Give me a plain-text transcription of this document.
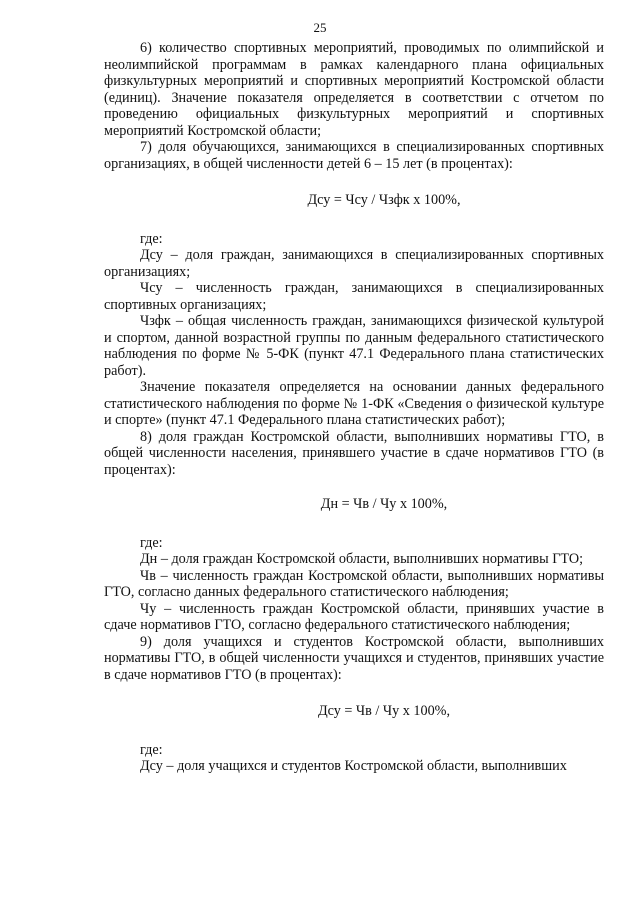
25

6) количество спортивных мероприятий, проводимых по олимпийской и неолимпийской программам в рамках календарного плана официальных физкультурных мероприятий и спортивных мероприятий Костромской области (единиц). Значение показателя определяется в соответствии с отчетом по проведению официальных физкультурных мероприятий и спортивных мероприятий Костромской области;

7) доля обучающихся, занимающихся в специализированных спортивных организациях, в общей численности детей 6 – 15 лет (в процентах):

Дсу = Чсу / Чзфк х 100%,

где:

Дсу – доля граждан, занимающихся в специализированных спортивных организациях;

Чсу – численность граждан, занимающихся в специализированных спортивных организациях;

Чзфк – общая численность граждан, занимающихся физической культурой и спортом, данной возрастной группы по данным федерального статистического наблюдения по форме № 5-ФК (пункт 47.1 Федерального плана статистических работ).

Значение показателя определяется на основании данных федерального статистического наблюдения по форме № 1-ФК «Сведения о физической культуре и спорте» (пункт 47.1 Федерального плана статистических работ);

8) доля граждан Костромской области, выполнивших нормативы ГТО, в общей численности населения, принявшего участие в сдаче нормативов ГТО (в процентах):

Дн = Чв / Чу х 100%,

где:

Дн – доля граждан Костромской области, выполнивших нормативы ГТО;

Чв – численность граждан Костромской области, выполнивших нормативы ГТО, согласно данных федерального статистического наблюдения;

Чу – численность граждан Костромской области, принявших участие в сдаче нормативов ГТО, согласно федерального статистического наблюдения;

9) доля учащихся и студентов Костромской области, выполнивших нормативы ГТО, в общей численности учащихся и студентов, принявших участие в сдаче нормативов ГТО (в процентах):

Дсу = Чв / Чу х 100%,

где:

Дсу – доля учащихся и студентов Костромской области, выполнивших
